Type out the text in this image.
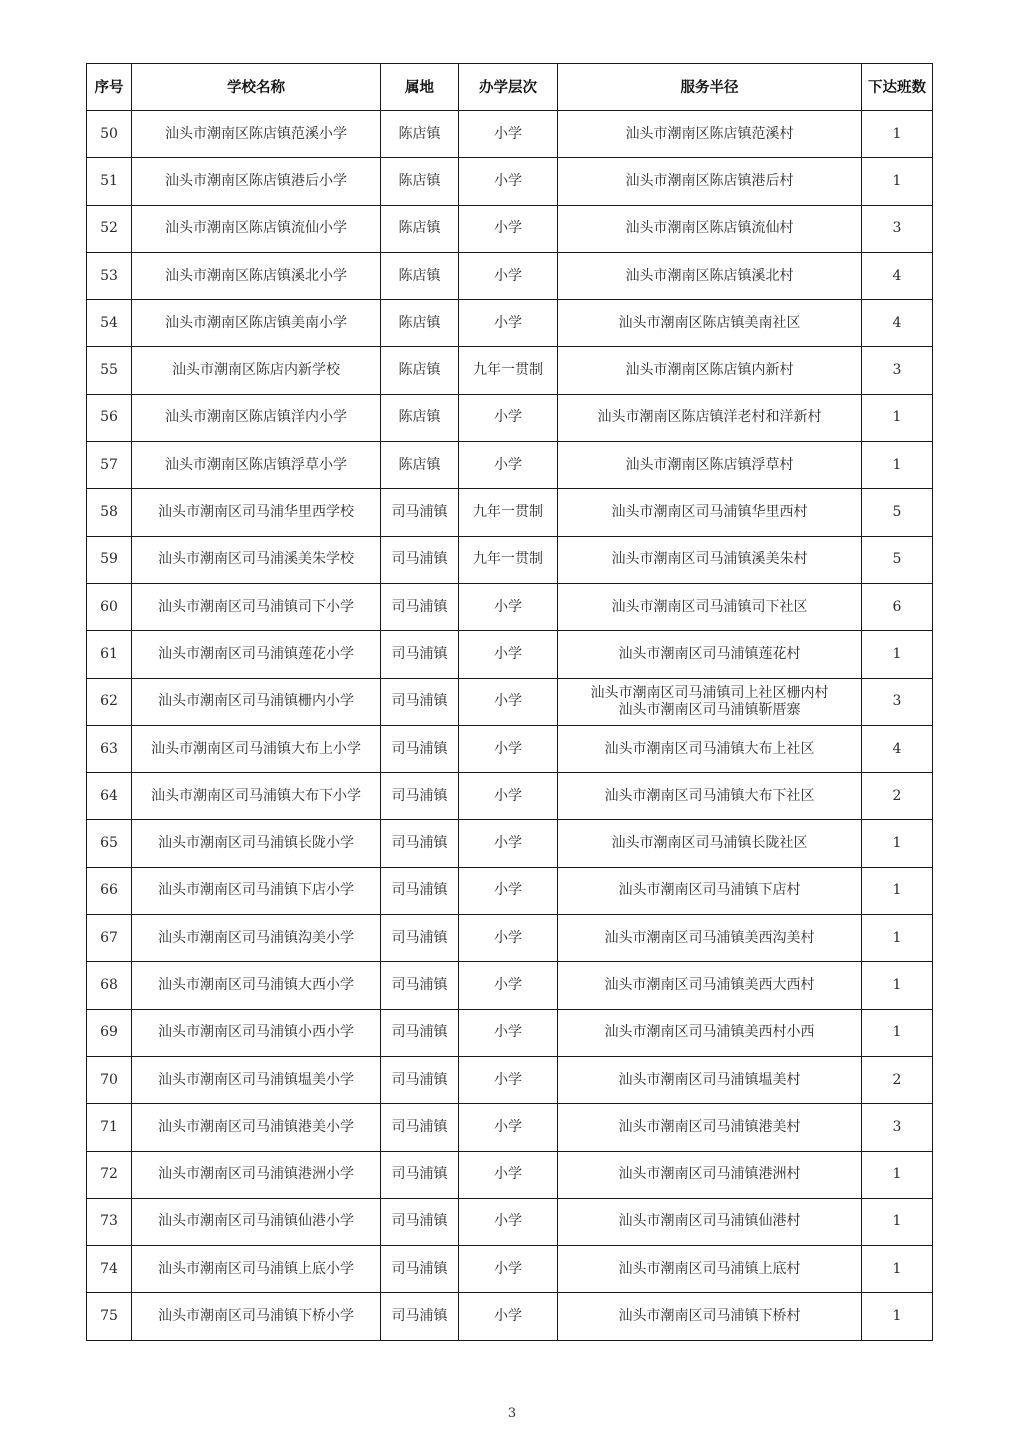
序号	学校名称	属地	办学层次	服务半径	下达班数
50	汕头市潮南区陈店镇范溪小学	陈店镇	小学	汕头市潮南区陈店镇范溪村	1
51	汕头市潮南区陈店镇港后小学	陈店镇	小学	汕头市潮南区陈店镇港后村	1
52	汕头市潮南区陈店镇流仙小学	陈店镇	小学	汕头市潮南区陈店镇流仙村	3
53	汕头市潮南区陈店镇溪北小学	陈店镇	小学	汕头市潮南区陈店镇溪北村	4
54	汕头市潮南区陈店镇美南小学	陈店镇	小学	汕头市潮南区陈店镇美南社区	4
55	汕头市潮南区陈店内新学校	陈店镇	九年一贯制	汕头市潮南区陈店镇内新村	3
56	汕头市潮南区陈店镇洋内小学	陈店镇	小学	汕头市潮南区陈店镇洋老村和洋新村	1
57	汕头市潮南区陈店镇浮草小学	陈店镇	小学	汕头市潮南区陈店镇浮草村	1
58	汕头市潮南区司马浦华里西学校	司马浦镇	九年一贯制	汕头市潮南区司马浦镇华里西村	5
59	汕头市潮南区司马浦溪美朱学校	司马浦镇	九年一贯制	汕头市潮南区司马浦镇溪美朱村	5
60	汕头市潮南区司马浦镇司下小学	司马浦镇	小学	汕头市潮南区司马浦镇司下社区	6
61	汕头市潮南区司马浦镇莲花小学	司马浦镇	小学	汕头市潮南区司马浦镇莲花村	1
62	汕头市潮南区司马浦镇栅内小学	司马浦镇	小学	汕头市潮南区司马浦镇司上社区栅内村
汕头市潮南区司马浦镇靳厝寨	3
63	汕头市潮南区司马浦镇大布上小学	司马浦镇	小学	汕头市潮南区司马浦镇大布上社区	4
64	汕头市潮南区司马浦镇大布下小学	司马浦镇	小学	汕头市潮南区司马浦镇大布下社区	2
65	汕头市潮南区司马浦镇长陇小学	司马浦镇	小学	汕头市潮南区司马浦镇长陇社区	1
66	汕头市潮南区司马浦镇下店小学	司马浦镇	小学	汕头市潮南区司马浦镇下店村	1
67	汕头市潮南区司马浦镇沟美小学	司马浦镇	小学	汕头市潮南区司马浦镇美西沟美村	1
68	汕头市潮南区司马浦镇大西小学	司马浦镇	小学	汕头市潮南区司马浦镇美西大西村	1
69	汕头市潮南区司马浦镇小西小学	司马浦镇	小学	汕头市潮南区司马浦镇美西村小西	1
70	汕头市潮南区司马浦镇塭美小学	司马浦镇	小学	汕头市潮南区司马浦镇塭美村	2
71	汕头市潮南区司马浦镇港美小学	司马浦镇	小学	汕头市潮南区司马浦镇港美村	3
72	汕头市潮南区司马浦镇港洲小学	司马浦镇	小学	汕头市潮南区司马浦镇港洲村	1
73	汕头市潮南区司马浦镇仙港小学	司马浦镇	小学	汕头市潮南区司马浦镇仙港村	1
74	汕头市潮南区司马浦镇上底小学	司马浦镇	小学	汕头市潮南区司马浦镇上底村	1
75	汕头市潮南区司马浦镇下桥小学	司马浦镇	小学	汕头市潮南区司马浦镇下桥村	1
3
